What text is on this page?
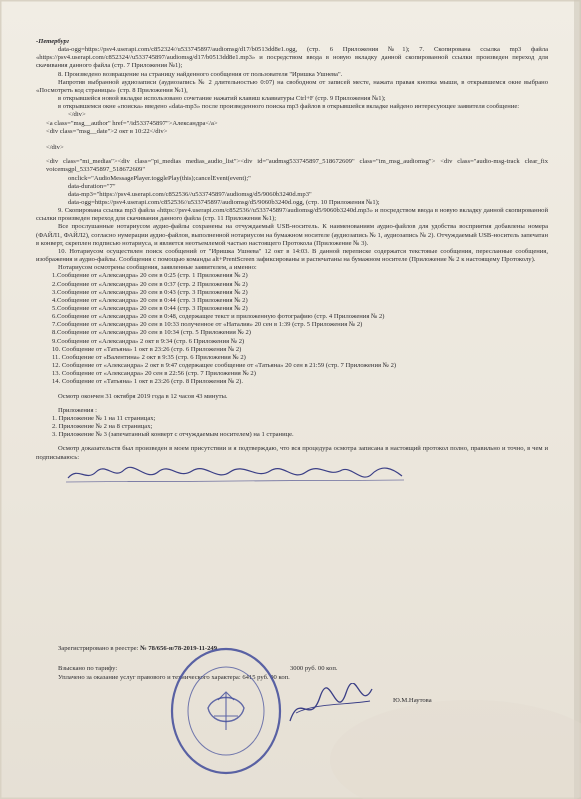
-Петербург
data-ogg=https://psv4.userapi.com/c852324//u533745897/audiomsg/d17/b0513dd8e1.ogg, (стр. 6 Приложения №1); 7. Скопирована ссылка mp3 файла «https://psv4.userapi.com/c852324//u533745897/audiomsg/d17/b0513dd8e1.mp3» и посредством ввода в новую вкладку данной скопированной ссылки произведен переход для скачивания данного файла (стр. 7 Приложения №1);
8. Произведено возвращение на страницу найденного сообщения от пользователя "Иришка Ушнева".
Напротив выбранной аудиозаписи (аудиозапись № 2 длительностью 0:07) на свободном от записей месте, нажата правая кнопка мыши, в открывшемся окне выбрано «Посмотреть код страницы» (стр. 8 Приложения №1),
в открывшейся новой вкладке использовано сочетание нажатий клавиш клавиатуры Ctrl+F (стр. 9 Приложения №1);
в открывшемся окне «поиска» введено «data-mp3» после произведенного поиска mp3 файлов в открывшейся вкладке найдено интересующее заявителя сообщение:
</div>
<a class="msg__author" href="/id533745897">Александра</a>
<div class="msg__date">2 окт в 10:22</div>

</div>
<div class="mi_medias"><div class="pi_medias medias_audio_list"><div id="audmsg533745897_518672609" class="im_msg_audiomsg"> <div class="audio-msg-track clear_fix voicemsgpl_533745897_518672609"
onclick="AudioMessagePlayer.togglePlay(this);cancelEvent(event);"
data-duration="7"
data-mp3="https://psv4.userapi.com/c852536//u533745897/audiomsg/d5/9060b3240d.mp3"
data-ogg=https://psv4.userapi.com/c852536//u533745897/audiomsg/d5/9060b3240d.ogg, (стр. 10 Приложения №1);
9. Скопирована ссылка mp3 файла «https://psv4.userapi.com/c852536//u533745897/audiomsg/d5/9060b3240d.mp3» и посредством ввода в новую вкладку данной скопированной ссылки произведен переход для скачивания данного файла (стр. 11 Приложения №1);
Все прослушанные нотариусом аудио-файлы сохранены на отчуждаемый USB-носитель. К наименованиям аудио-файлов для удобства восприятия добавлены номера (ФАЙЛ1, ФАЙЛ2), согласно нумерации аудио-файлов, выполненной нотариусом на бумажном носителе (аудиозапись № 1, аудиозапись № 2). Отчуждаемый USB-носитель запечатан в конверт, скреплен подписью нотариуса, и является неотъемлемой частью настоящего Протокола (Приложение № 3).
10. Нотариусом осуществлен поиск сообщений от "Иришка Ушнева" 12 окт в 14:03. В данной переписке содержатся текстовые сообщения, пересланные сообщения, изображения и аудио-файлы. Сообщения с помощью команды alt+PrentScreen зафиксированы и распечатаны на бумажном носителе (Приложение № 2 к настоящему Протоколу).
Нотариусом осмотрены сообщения, заявленные заявителем, а именно:
1.Сообщение от «Александра» 20 сен в 0:25 (стр. 1 Приложения № 2)
2.Сообщение от «Александра» 20 сен в 0:37 (стр. 2 Приложения № 2)
3.Сообщение от «Александра» 20 сен в 0:43 (стр. 3 Приложения № 2)
4.Сообщение от «Александра» 20 сен в 0:44 (стр. 3 Приложения № 2)
5.Сообщение от «Александра» 20 сен в 0:44 (стр. 3 Приложения № 2)
6.Сообщение от «Александра» 20 сен в 0:48, содержащее текст и приложенную фотографию (стр. 4 Приложения № 2)
7.Сообщение от «Александра» 20 сен в 10:33 полученное от «Наталия» 20 сен в 1:39 (стр. 5 Приложения № 2)
8.Сообщение от «Александра» 20 сен в 10:34 (стр. 5 Приложения № 2)
9.Сообщение от «Александра» 2 окт в 9:34 (стр. 6 Приложения № 2)
10. Сообщение от «Татьяна» 1 окт в 23:26 (стр. 6 Приложения № 2)
11. Сообщение от «Валентина» 2 окт в 9:35 (стр. 6 Приложения № 2)
12. Сообщение от «Александра» 2 окт в 9:47 содержащее сообщение от «Татьяна» 20 сен в 21:59 (стр. 7 Приложения № 2)
13. Сообщение от «Александра» 20 сен в 22:56 (стр. 7 Приложения № 2)
14. Сообщение от «Татьяна» 1 окт в 23:26 (стр. 8 Приложения № 2).
Осмотр окончен 31 октября 2019 года в 12 часов 43 минуты.
Приложения :
1. Приложение № 1 на 11 страницах;
2. Приложение № 2 на 8 страницах;
3. Приложение № 3 (запечатанный конверт с отчуждаемым носителем) на 1 странице.
Осмотр доказательств был произведен в моем присутствии и я подтверждаю, что вся процедура осмотра записана в настоящий протокол полно, правильно и точно, в чем и подписываюсь:
Зарегистрировано в реестре: № 78/656-н/78-2019-11-249
Взыскано по тарифу:	3000 руб. 00 коп.
Уплачено за оказание услуг правового и технического характера: 6415 руб. 00 коп.
Ю.М.Наутова
